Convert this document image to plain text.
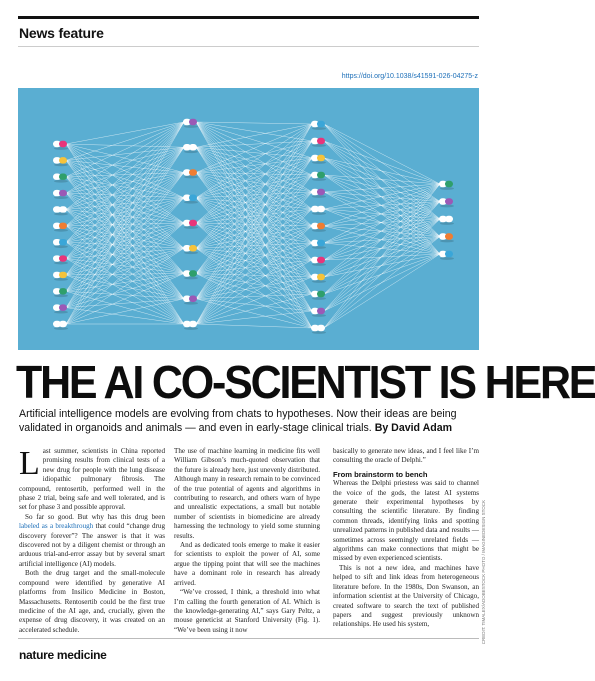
News feature
https://doi.org/10.1038/s41591-026-04275-z
THE AI CO-SCIENTIST IS HERE
Artificial intelligence models are evolving from chats to hypotheses. Now their ideas are being validated in organoids and animals — and even in early-stage clinical trials. By David Adam

Last summer, scientists in China reported promising results from clinical tests of a new drug for people with the lung disease idiopathic pulmonary fibrosis. The compound, rentosertib, performed well in the phase 2 trial, being safe and well tolerated, and is set for phase 3 and possible approval.

So far so good. But why has this drug been labeled as a breakthrough that could “change drug discovery forever”? The answer is that it was discovered not by a diligent chemist or through an arduous trial-and-error assay but by several smart artificial intelligence (AI) models.

Both the drug target and the small-molecule compound were identified by generative AI platforms from Insilico Medicine in Boston, Massachusetts. Rentosertib could be the first true medicine of the AI age, and, crucially, given the expense of drug discovery, it was created on an accelerated schedule.

The use of machine learning in medicine fits well William Gibson’s much-quoted observation that the future is already here, just unevenly distributed. Although many in research remain to be convinced of the true potential of agents and algorithms in contributing to research, and others warn of hype and unrealistic expectations, a small but notable number of scientists in biomedicine are already harnessing the technology to yield some stunning results.

And as dedicated tools emerge to make it easier for scientists to exploit the power of AI, some argue the tipping point that will see the machines have a dominant role in research has already arrived.

“We’ve crossed, I think, a threshold into what I’m calling the fourth generation of AI. Which is the knowledge-generating AI,” says Gary Peltz, a mouse geneticist at Stanford University (Fig. 1). “We’ve been using it now

basically to generate new ideas, and I feel like I’m consulting the oracle of Delphi.”

From brainstorm to bench

Whereas the Delphi priestess was said to channel the voice of the gods, the latest AI systems generate their experimental hypotheses by consulting the scientific literature. By finding common threads, identifying links and spotting unrealized patterns in published data and results — sometimes across seemingly unrelated fields — algorithms can make connections that might be missed by even experienced scientists.

This is not a new idea, and machines have helped to sift and link ideas from heterogeneous literature before. In the 1980s, Don Swanson, an information scientist at the University of Chicago, created software to search the text of published papers and suggest previously unknown relationships. He used his system,	CREDIT: TIMALEX/ADOBESTOCK PHOTO / IMAGINEDESIGN STOCK
nature medicine
